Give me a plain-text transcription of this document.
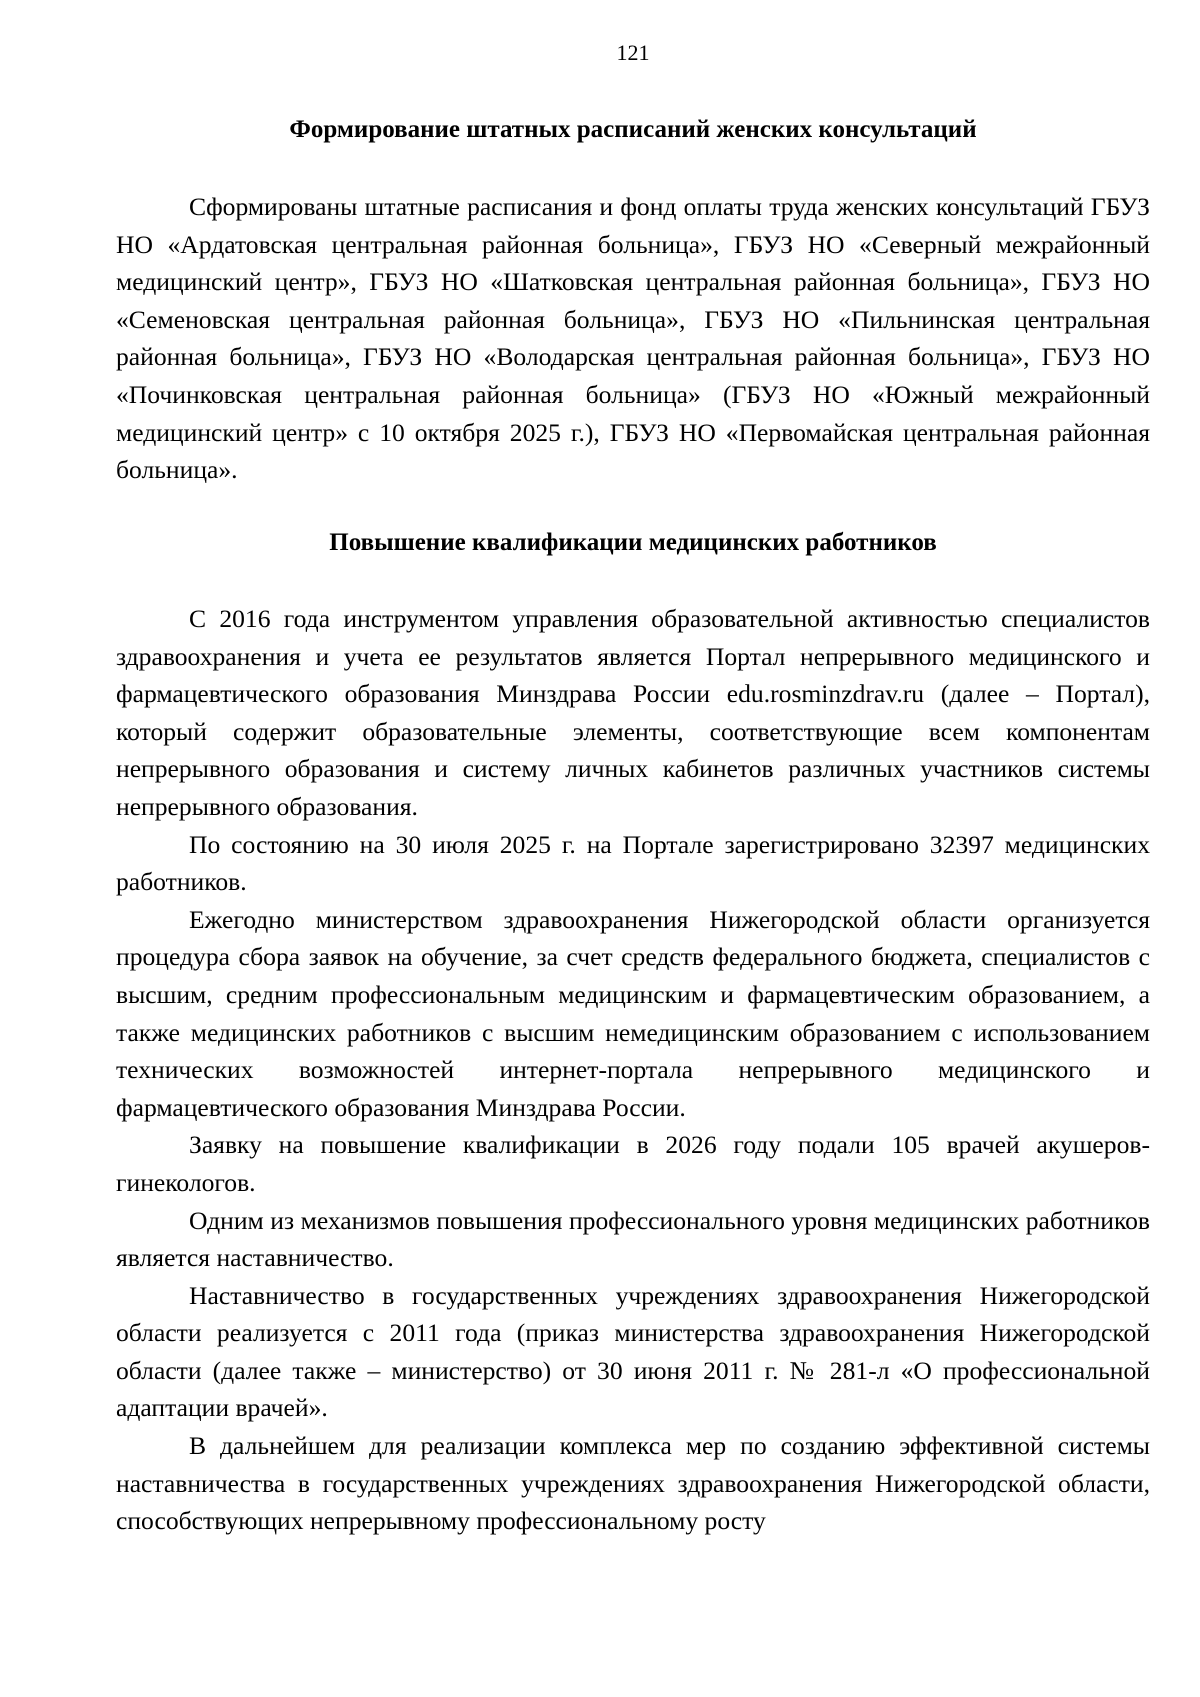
121
Формирование штатных расписаний женских консультаций

Сформированы штатные расписания и фонд оплаты труда женских консультаций ГБУЗ НО «Ардатовская центральная районная больница», ГБУЗ НО «Северный межрайонный медицинский центр», ГБУЗ НО «Шатковская центральная районная больница», ГБУЗ НО «Семеновская центральная районная больница», ГБУЗ НО «Пильнинская центральная районная больница», ГБУЗ НО «Володарская центральная районная больница», ГБУЗ НО «Починковская центральная районная больница» (ГБУЗ НО «Южный межрайонный медицинский центр» с 10 октября 2025 г.), ГБУЗ НО «Первомайская центральная районная больница».

Повышение квалификации медицинских работников

С 2016 года инструментом управления образовательной активностью специалистов здравоохранения и учета ее результатов является Портал непрерывного медицинского и фармацевтического образования Минздрава России edu.rosminzdrav.ru (далее – Портал), который содержит образовательные элементы, соответствующие всем компонентам непрерывного образования и систему личных кабинетов различных участников системы непрерывного образования.

По состоянию на 30 июля 2025 г. на Портале зарегистрировано 32397 медицинских работников.

Ежегодно министерством здравоохранения Нижегородской области организуется процедура сбора заявок на обучение, за счет средств федерального бюджета, специалистов с высшим, средним профессиональным медицинским и фармацевтическим образованием, а также медицинских работников с высшим немедицинским образованием с использованием технических возможностей интернет-портала непрерывного медицинского и фармацевтического образования Минздрава России.

Заявку на повышение квалификации в 2026 году подали 105 врачей акушеров-гинекологов.

Одним из механизмов повышения профессионального уровня медицинских работников является наставничество.

Наставничество в государственных учреждениях здравоохранения Нижегородской области реализуется с 2011 года (приказ министерства здравоохранения Нижегородской области (далее также – министерство) от 30 июня 2011 г. № 281-л «О профессиональной адаптации врачей».

В дальнейшем для реализации комплекса мер по созданию эффективной системы наставничества в государственных учреждениях здравоохранения Нижегородской области, способствующих непрерывному профессиональному росту
